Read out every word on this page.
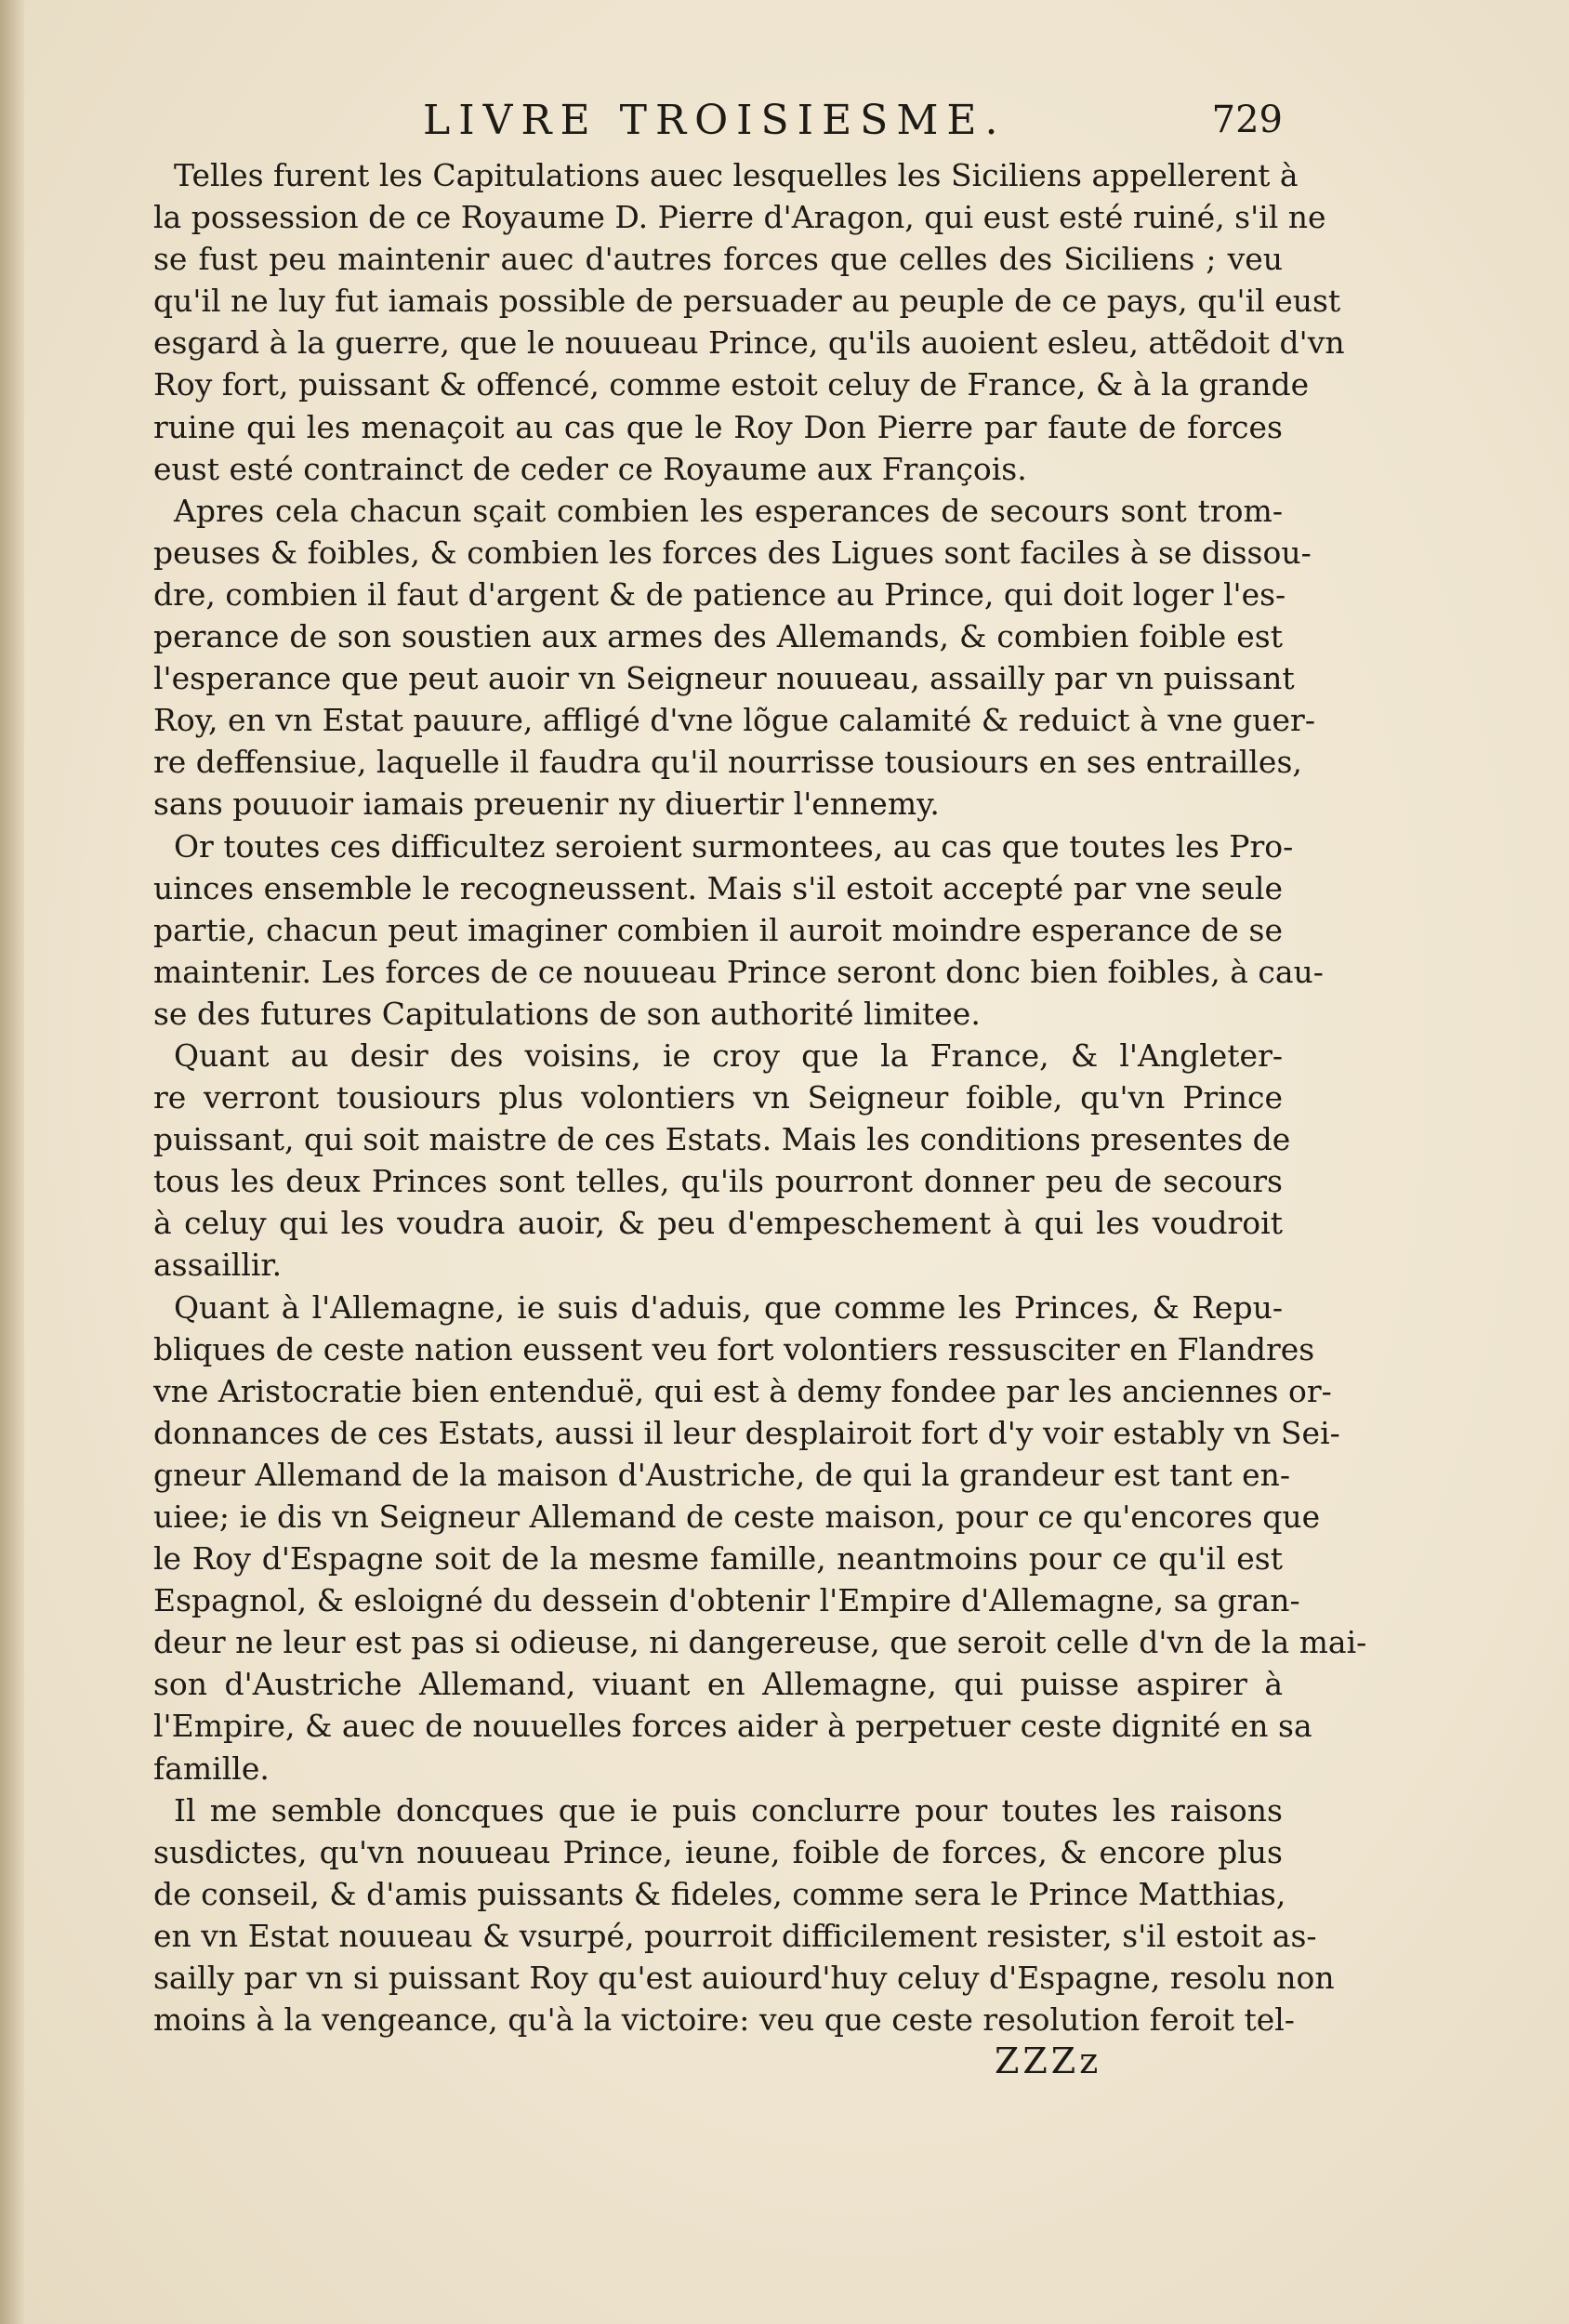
LIVRE TROISIESME.	729
Telles furent les Capitulations auec lesquelles les Siciliens appellerent à
la possession de ce Royaume D. Pierre d'Aragon, qui eust esté ruiné, s'il ne
se fust peu maintenir auec d'autres forces que celles des Siciliens ; veu
qu'il ne luy fut iamais possible de persuader au peuple de ce pays, qu'il eust
esgard à la guerre, que le nouueau Prince, qu'ils auoient esleu, attẽdoit d'vn
Roy fort, puissant & offencé, comme estoit celuy de France, & à la grande
ruine qui les menaçoit au cas que le Roy Don Pierre par faute de forces
eust esté contrainct de ceder ce Royaume aux François.
Apres cela chacun sçait combien les esperances de secours sont trom-
peuses & foibles, & combien les forces des Ligues sont faciles à se dissou-
dre, combien il faut d'argent & de patience au Prince, qui doit loger l'es-
perance de son soustien aux armes des Allemands, & combien foible est
l'esperance que peut auoir vn Seigneur nouueau, assailly par vn puissant
Roy, en vn Estat pauure, affligé d'vne lõgue calamité & reduict à vne guer-
re deffensiue, laquelle il faudra qu'il nourrisse tousiours en ses entrailles,
sans pouuoir iamais preuenir ny diuertir l'ennemy.
Or toutes ces difficultez seroient surmontees, au cas que toutes les Pro-
uinces ensemble le recogneussent. Mais s'il estoit accepté par vne seule
partie, chacun peut imaginer combien il auroit moindre esperance de se
maintenir. Les forces de ce nouueau Prince seront donc bien foibles, à cau-
se des futures Capitulations de son authorité limitee.
Quant au desir des voisins, ie croy que la France, & l'Angleter-
re verront tousiours plus volontiers vn Seigneur foible, qu'vn Prince
puissant, qui soit maistre de ces Estats. Mais les conditions presentes de
tous les deux Princes sont telles, qu'ils pourront donner peu de secours
à celuy qui les voudra auoir, & peu d'empeschement à qui les voudroit
assaillir.
Quant à l'Allemagne, ie suis d'aduis, que comme les Princes, & Repu-
bliques de ceste nation eussent veu fort volontiers ressusciter en Flandres
vne Aristocratie bien entenduë, qui est à demy fondee par les anciennes or-
donnances de ces Estats, aussi il leur desplairoit fort d'y voir estably vn Sei-
gneur Allemand de la maison d'Austriche, de qui la grandeur est tant en-
uiee; ie dis vn Seigneur Allemand de ceste maison, pour ce qu'encores que
le Roy d'Espagne soit de la mesme famille, neantmoins pour ce qu'il est
Espagnol, & esloigné du dessein d'obtenir l'Empire d'Allemagne, sa gran-
deur ne leur est pas si odieuse, ni dangereuse, que seroit celle d'vn de la mai-
son d'Austriche Allemand, viuant en Allemagne, qui puisse aspirer à
l'Empire, & auec de nouuelles forces aider à perpetuer ceste dignité en sa
famille.
Il me semble doncques que ie puis conclurre pour toutes les raisons
susdictes, qu'vn nouueau Prince, ieune, foible de forces, & encore plus
de conseil, & d'amis puissants & fideles, comme sera le Prince Matthias,
en vn Estat nouueau & vsurpé, pourroit difficilement resister, s'il estoit as-
sailly par vn si puissant Roy qu'est auiourd'huy celuy d'Espagne, resolu non
moins à la vengeance, qu'à la victoire: veu que ceste resolution feroit tel-
ZZZz
